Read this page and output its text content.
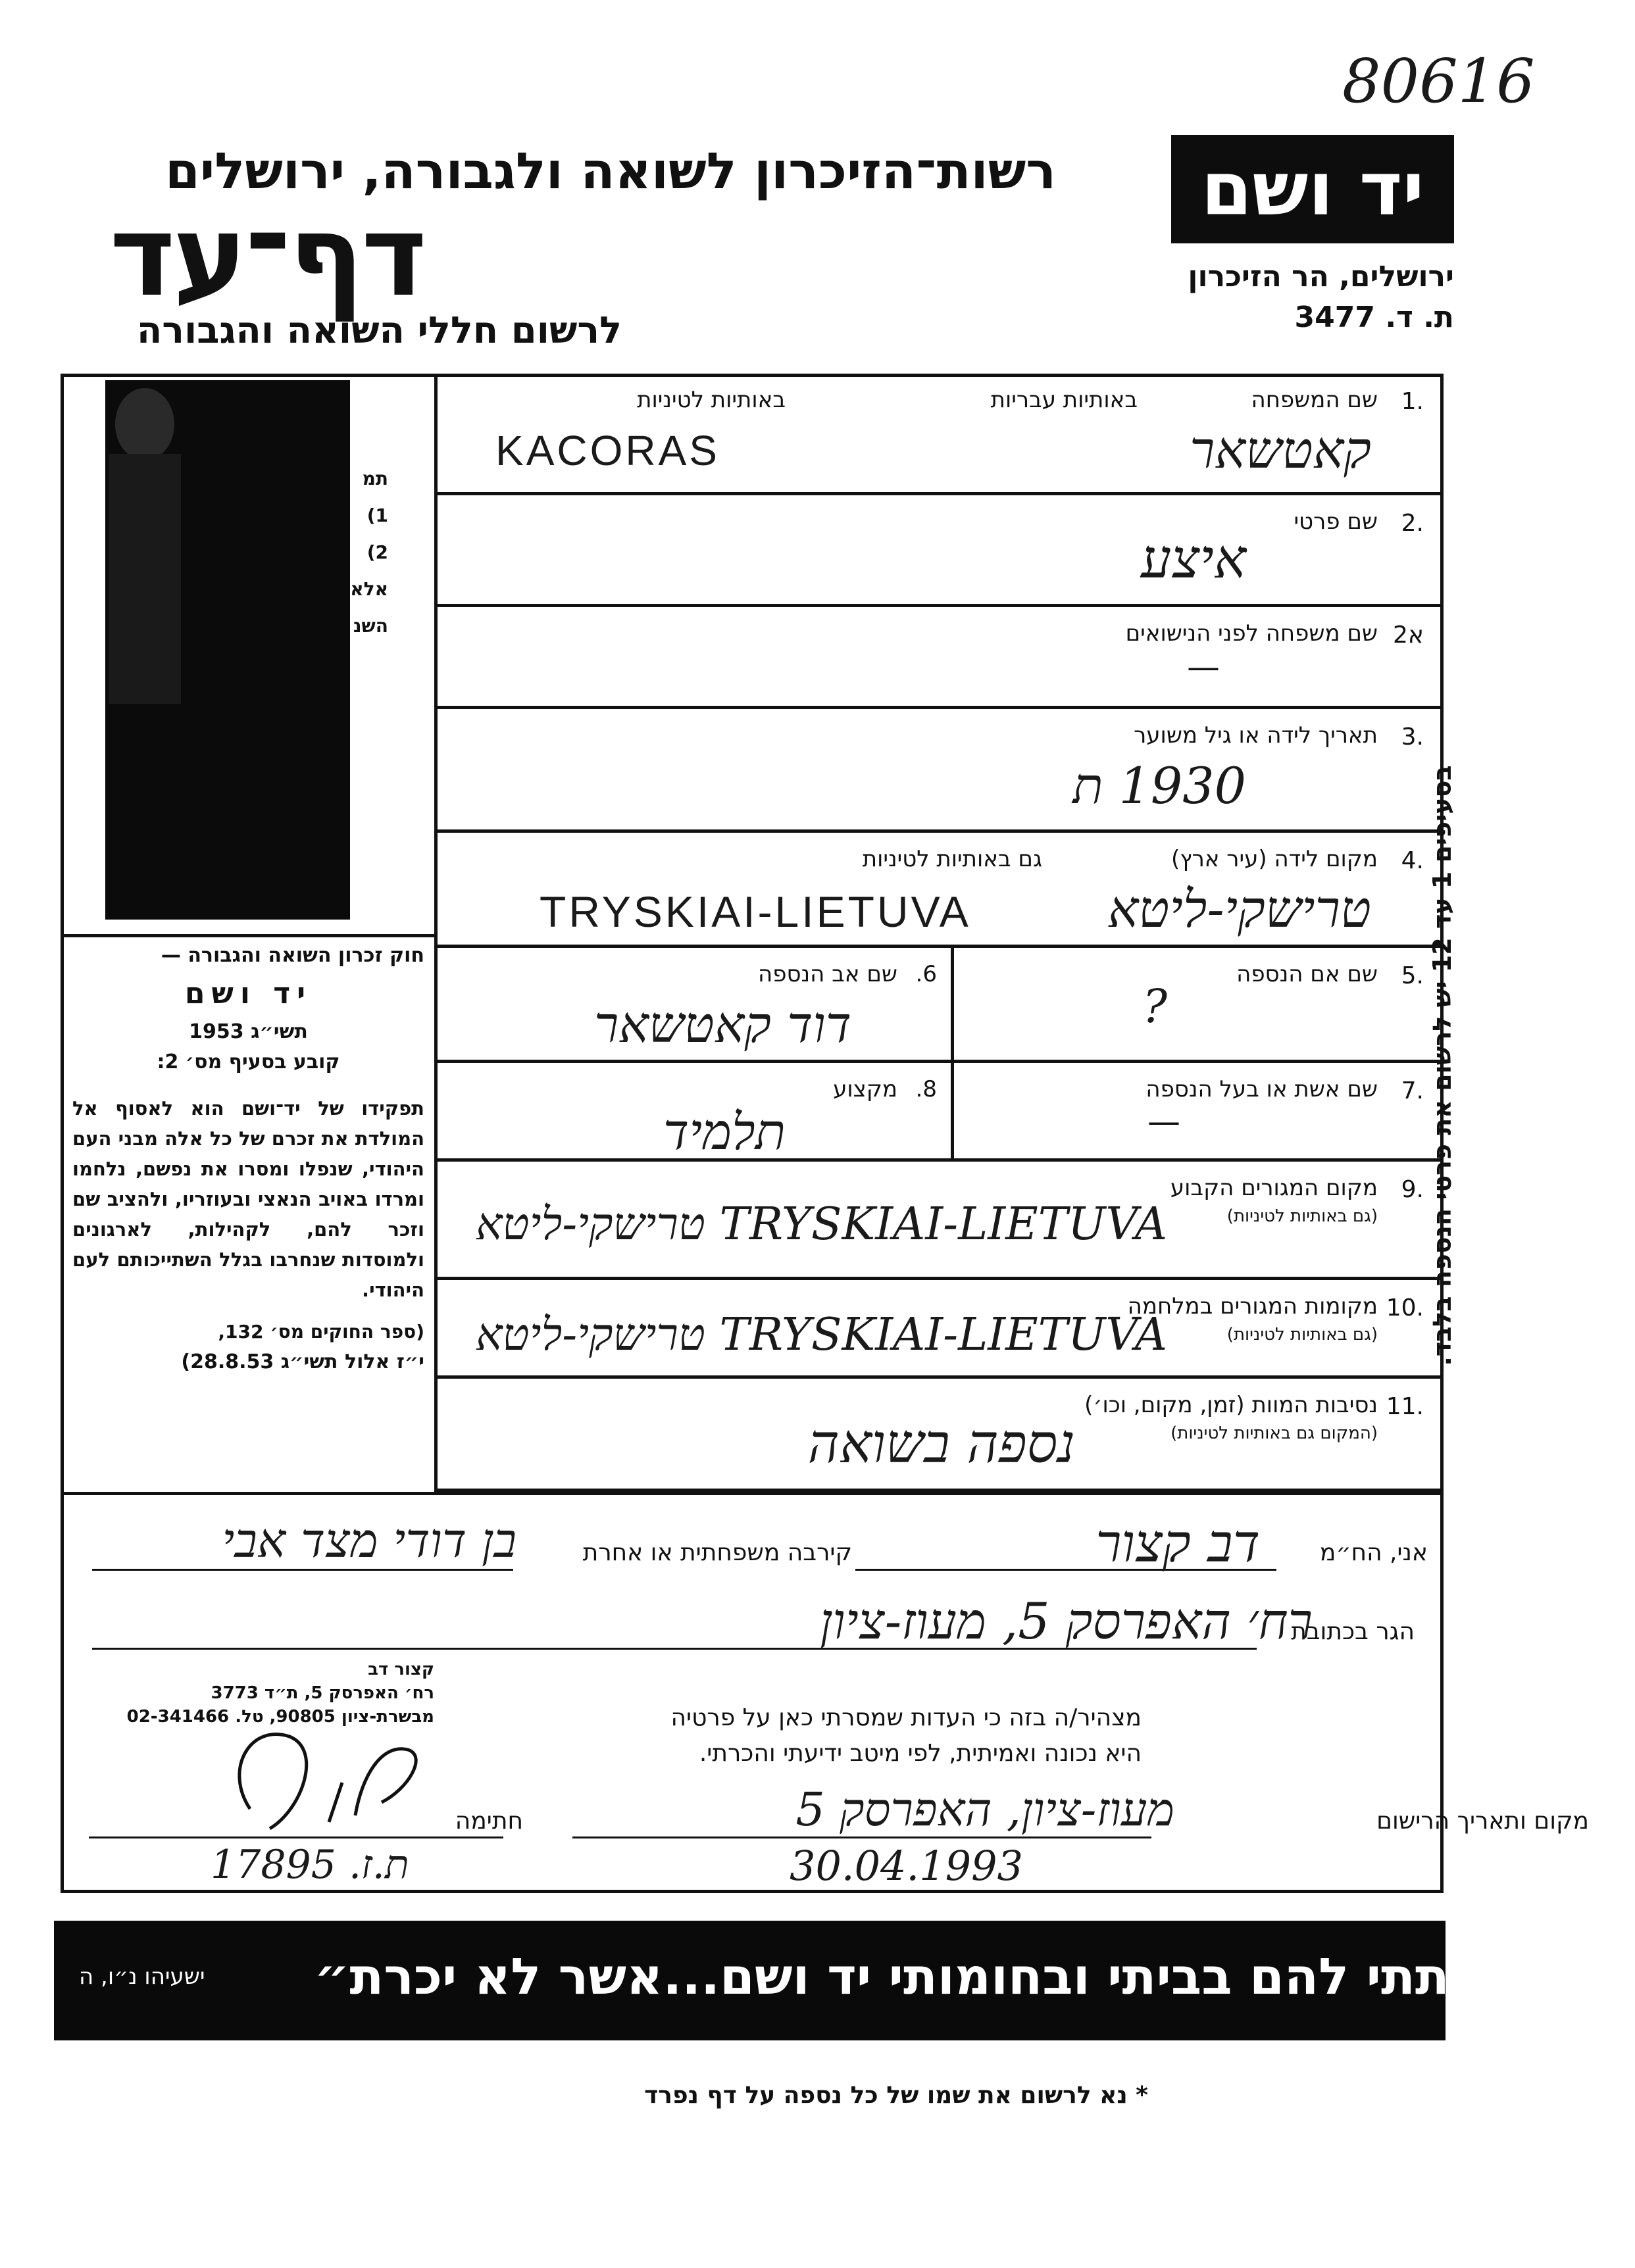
80616
רשות־הזיכרון לשואה ולגבורה, ירושלים
דף־עד
לרשום חללי השואה והגבורה
יד ושם
ירושלים, הר הזיכרון
ת. ד. 3477
תמ
1)
2)
אלא
השנ
חוק זכרון השואה והגבורה —
יד ושם
תשי״ג 1953
קובע בסעיף מס׳ 2:
תפקידו של יד־ושם הוא לאסוף אל המולדת את זכרם של כל אלה מבני העם היהודי, שנפלו ומסרו את נפשם, נלחמו ומרדו באויב הנאצי ובעוזריו, ולהציב שם וזכר להם, לקהילות, לארגונים ולמוסדות שנחרבו בגלל השתייכותם לעם היהודי.
(ספר החוקים מס׳ 132,
י״ז אלול תשי״ג 28.8.53)
1.
שם המשפחה
באותיות עבריות
באותיות לטיניות
קאטשאר
KACORAS
2.
שם פרטי
איצע
2א
שם משפחה לפני הנישואים
—
3.
תאריך לידה או גיל משוער
1930 ת
4.
מקום לידה (עיר ארץ)
גם באותיות לטיניות
טרישקי-ליטא
TRYSKIAI-LIETUVA
5.
שם אם הנספה
?
6.
שם אב הנספה
דוד קאטשאר
7.
שם אשת או בעל הנספה
—
8.
מקצוע
תלמיד
9.
מקום המגורים הקבוע
(גם באותיות לטיניות)
TRYSKIAI-LIETUVA טרישקי-ליטא
10.
מקומות המגורים במלחמה
(גם באותיות לטיניות)
TRYSKIAI-LIETUVA טרישקי-ליטא
11.
נסיבות המוות (זמן, מקום, וכו׳)
(המקום גם באותיות לטיניות)
נספה בשואה
אני, הח״מ
דב קצור
קירבה משפחתית או אחרת
בן דודי מצד אבי
הגר בכתובת
רח׳ האפרסק 5, מעוז-ציון
קצור דב
רח׳ האפרסק 5, ת״ד 3773
מבשרת-ציון 90805, טל. 02-341466	מצהיר/ה בזה כי העדות שמסרתי כאן על פרטיה
היא נכונה ואמיתית, לפי מיטב ידיעתי והכרתי.
מקום ותאריך הרישום
מעוז-ציון, האפרסק 5
30.04.1993
חתימה
ת.ז. 17895
״..ונתתי להם בביתי ובחומותי יד ושם...אשר לא יכרת״
ישעיהו נ״ו, ה
* נא לרשום את שמו של כל נספה על דף נפרד
בסעיפים 1 עד 12 יש לרשום את פרטי הנספה בלבד.
